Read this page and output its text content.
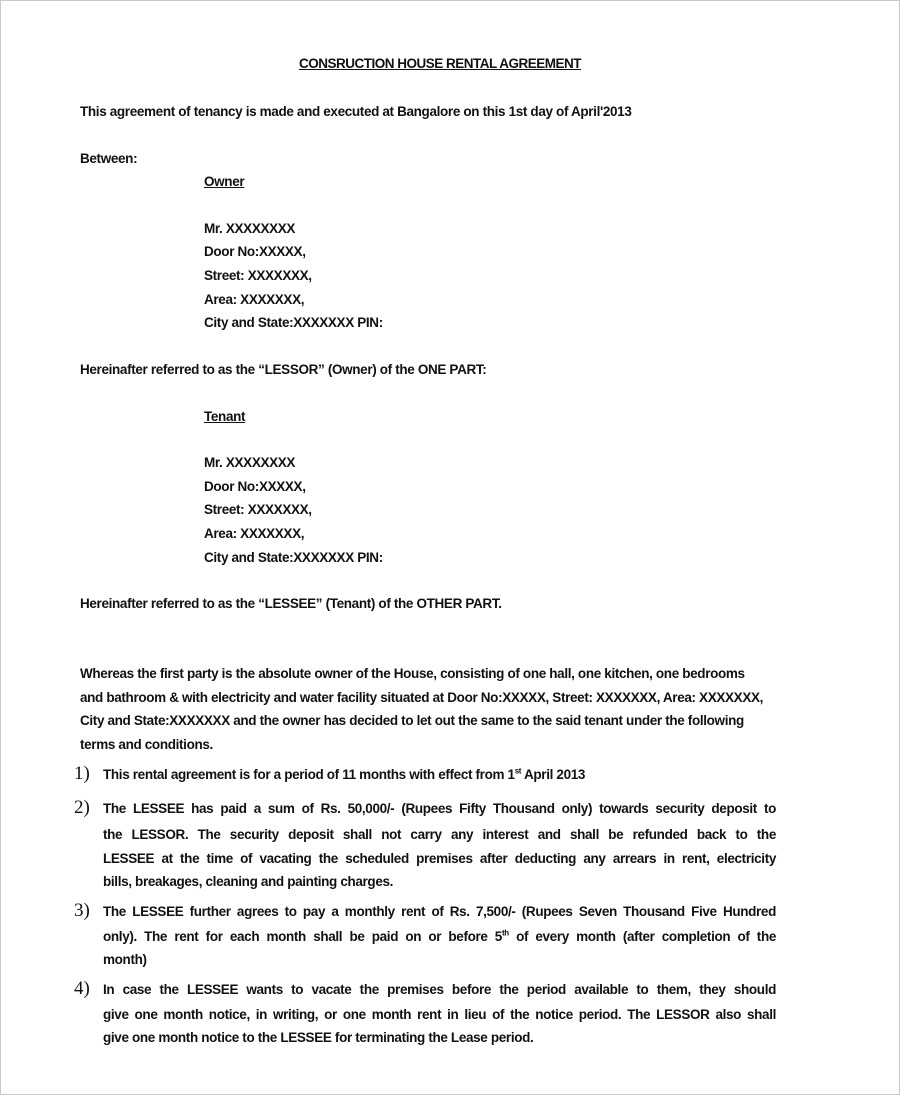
CONSRUCTION HOUSE RENTAL AGREEMENT
This agreement of tenancy is made and executed at Bangalore on this 1st day of April'2013
Between:
Owner
Mr. XXXXXXXX
Door No:XXXXX,
Street: XXXXXXX,
Area: XXXXXXX,
City and State:XXXXXXX PIN:
Hereinafter referred to as the “LESSOR” (Owner) of the ONE PART:
Tenant
Mr. XXXXXXXX
Door No:XXXXX,
Street: XXXXXXX,
Area: XXXXXXX,
City and State:XXXXXXX PIN:
Hereinafter referred to as the “LESSEE” (Tenant) of the OTHER PART.
Whereas the first party is the absolute owner of the House, consisting of one hall, one kitchen, one bedrooms
and bathroom & with electricity and water facility situated at Door No:XXXXX, Street: XXXXXXX, Area: XXXXXXX,
City and State:XXXXXXX and the owner has decided to let out the same to the said tenant under the following
terms and conditions.
1) This rental agreement is for a period of 11 months with effect from 1st April 2013
2) The LESSEE has paid a sum of Rs. 50,000/- (Rupees Fifty Thousand only) towards security deposit to
the LESSOR. The security deposit shall not carry any interest and shall be refunded back to the
LESSEE at the time of vacating the scheduled premises after deducting any arrears in rent, electricity
bills, breakages, cleaning and painting charges.
3) The LESSEE further agrees to pay a monthly rent of Rs. 7,500/- (Rupees Seven Thousand Five Hundred
only). The rent for each month shall be paid on or before 5th of every month (after completion of the
month)
4) In case the LESSEE wants to vacate the premises before the period available to them, they should
give one month notice, in writing, or one month rent in lieu of the notice period. The LESSOR also shall
give one month notice to the LESSEE for terminating the Lease period.
